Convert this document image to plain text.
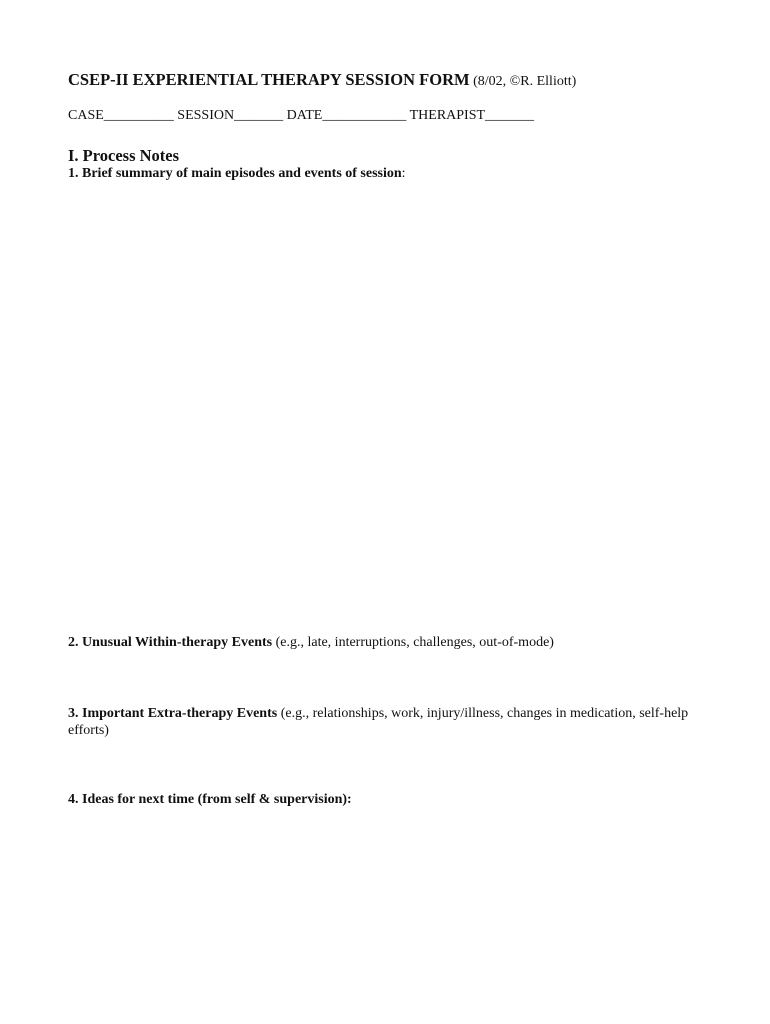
CSEP-II EXPERIENTIAL THERAPY SESSION FORM (8/02, ©R. Elliott)
CASE__________ SESSION_______ DATE____________ THERAPIST_______
I. Process Notes
1. Brief summary of main episodes and events of session:
2. Unusual Within-therapy Events (e.g., late, interruptions, challenges, out-of-mode)
3. Important Extra-therapy Events (e.g., relationships, work, injury/illness, changes in medication, self-help efforts)
4. Ideas for next time (from self & supervision):
